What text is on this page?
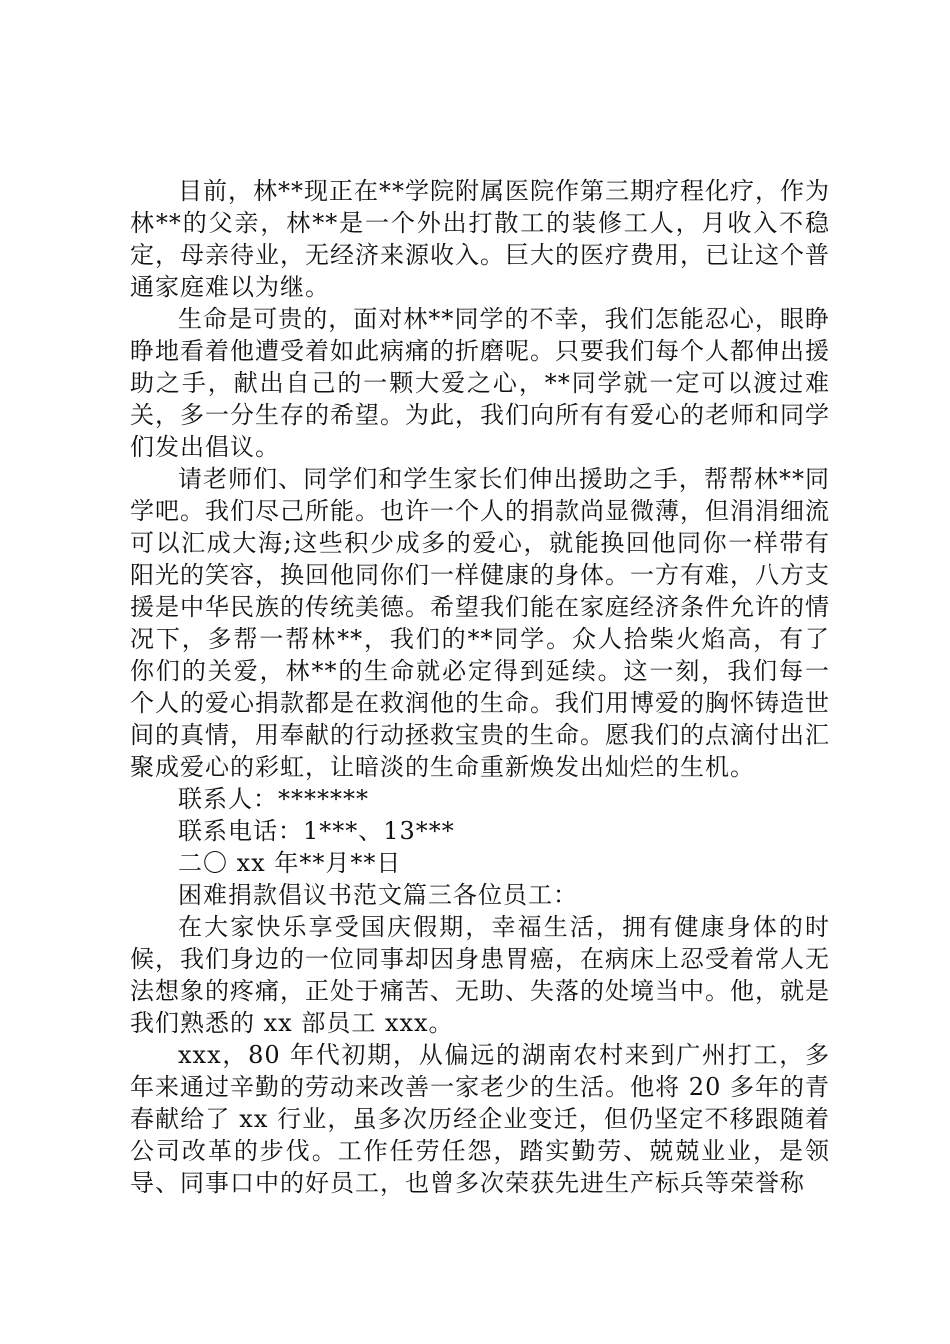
目前，林**现正在**学院附属医院作第三期疗程化疗，作为林**的父亲，林**是一个外出打散工的装修工人，月收入不稳定，母亲待业，无经济来源收入。巨大的医疗费用，已让这个普通家庭难以为继。

生命是可贵的，面对林**同学的不幸，我们怎能忍心，眼睁睁地看着他遭受着如此病痛的折磨呢。只要我们每个人都伸出援助之手，献出自己的一颗大爱之心，**同学就一定可以渡过难关，多一分生存的希望。为此，我们向所有有爱心的老师和同学们发出倡议。

请老师们、同学们和学生家长们伸出援助之手，帮帮林**同学吧。我们尽己所能。也许一个人的捐款尚显微薄，但涓涓细流可以汇成大海;这些积少成多的爱心，就能换回他同你一样带有阳光的笑容，换回他同你们一样健康的身体。一方有难，八方支援是中华民族的传统美德。希望我们能在家庭经济条件允许的情况下，多帮一帮林**，我们的**同学。众人拾柴火焰高，有了你们的关爱，林**的生命就必定得到延续。这一刻，我们每一个人的爱心捐款都是在救润他的生命。我们用博爱的胸怀铸造世间的真情，用奉献的行动拯救宝贵的生命。愿我们的点滴付出汇聚成爱心的彩虹，让暗淡的生命重新焕发出灿烂的生机。

联系人：*******

联系电话：1***、13***

二〇 xx 年**月**日

困难捐款倡议书范文篇三各位员工：

在大家快乐享受国庆假期，幸福生活，拥有健康身体的时候，我们身边的一位同事却因身患胃癌，在病床上忍受着常人无法想象的疼痛，正处于痛苦、无助、失落的处境当中。他，就是我们熟悉的 xx 部员工 xxx。

xxx，80 年代初期，从偏远的湖南农村来到广州打工，多年来通过辛勤的劳动来改善一家老少的生活。他将 20 多年的青春献给了 xx 行业，虽多次历经企业变迁，但仍坚定不移跟随着公司改革的步伐。工作任劳任怨，踏实勤劳、兢兢业业，是领导、同事口中的好员工，也曾多次荣获先进生产标兵等荣誉称
